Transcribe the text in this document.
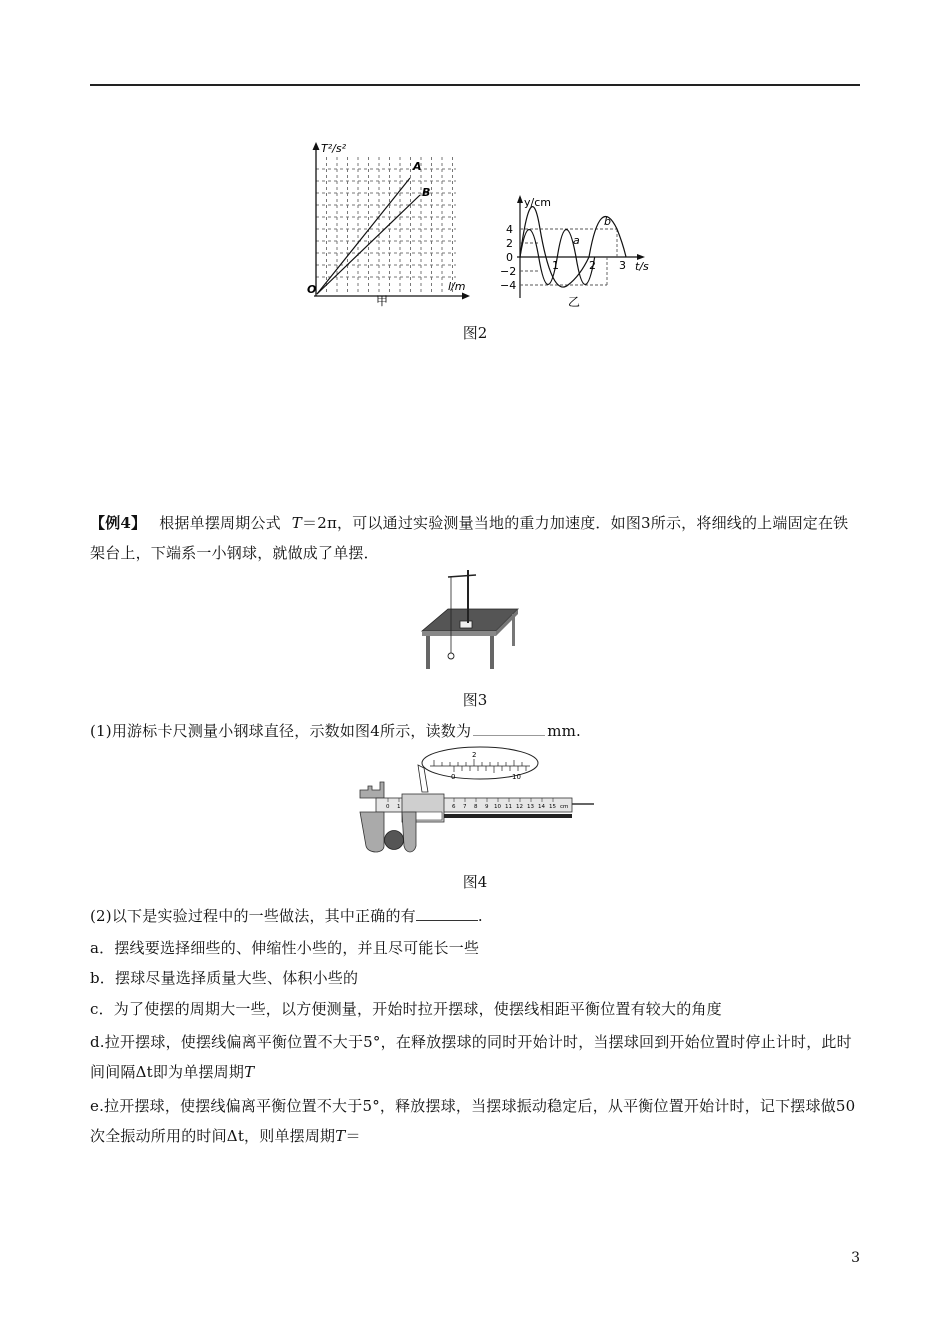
T²/s²
A
B
O
甲
l/m
y/cm
4
2
0
−2
−4
1	2 3 t/s
a
b
乙
图2
【例4】 根据单摆周期公式 T＝2π，可以通过实验测量当地的重力加速度．如图3所示，将细线的上端固定在铁架台上，下端系一小钢球，就做成了单摆．
图3
(1)用游标卡尺测量小钢球直径，示数如图4所示，读数为	mm.
2
0	10
0 1	6 7 8 9 10 11 12 13 14 15 cm
图4
(2)以下是实验过程中的一些做法，其中正确的有	.
a．摆线要选择细些的、伸缩性小些的，并且尽可能长一些
b．摆球尽量选择质量大些、体积小些的
c．为了使摆的周期大一些，以方便测量，开始时拉开摆球，使摆线相距平衡位置有较大的角度
d.拉开摆球，使摆线偏离平衡位置不大于5°，在释放摆球的同时开始计时，当摆球回到开始位置时停止计时，此时间间隔Δt即为单摆周期T
e.拉开摆球，使摆线偏离平衡位置不大于5°，释放摆球，当摆球振动稳定后，从平衡位置开始计时，记下摆球做50次全振动所用的时间Δt，则单摆周期T＝
3
